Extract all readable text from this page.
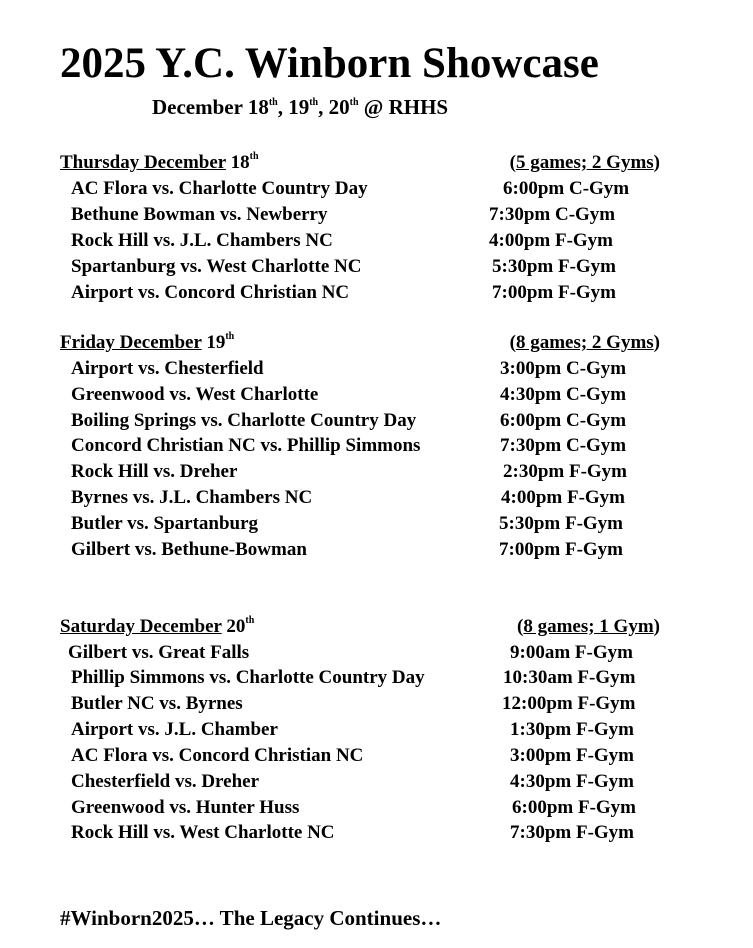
2025 Y.C. Winborn Showcase
December 18th, 19th, 20th @ RHHS
Thursday December 18th	(5 games; 2 Gyms)
AC Flora vs. Charlotte Country Day	6:00pm C-Gym
Bethune Bowman vs. Newberry	7:30pm C-Gym
Rock Hill vs. J.L. Chambers NC	4:00pm F-Gym
Spartanburg vs. West Charlotte NC	5:30pm F-Gym
Airport vs. Concord Christian NC	7:00pm F-Gym
Friday December 19th	(8 games; 2 Gyms)
Airport vs. Chesterfield	3:00pm C-Gym
Greenwood vs. West Charlotte	4:30pm C-Gym
Boiling Springs vs. Charlotte Country Day	6:00pm C-Gym
Concord Christian NC vs. Phillip Simmons	7:30pm C-Gym
Rock Hill vs. Dreher	2:30pm F-Gym
Byrnes vs. J.L. Chambers NC	4:00pm F-Gym
Butler vs. Spartanburg	5:30pm F-Gym
Gilbert vs. Bethune-Bowman	7:00pm F-Gym
Saturday December 20th	(8 games; 1 Gym)
Gilbert vs. Great Falls	9:00am F-Gym
Phillip Simmons vs. Charlotte Country Day	10:30am F-Gym
Butler NC vs. Byrnes	12:00pm F-Gym
Airport vs. J.L. Chamber	1:30pm F-Gym
AC Flora vs. Concord Christian NC	3:00pm F-Gym
Chesterfield vs. Dreher	4:30pm F-Gym
Greenwood vs. Hunter Huss	6:00pm F-Gym
Rock Hill vs. West Charlotte NC	7:30pm F-Gym
#Winborn2025… The Legacy Continues…
